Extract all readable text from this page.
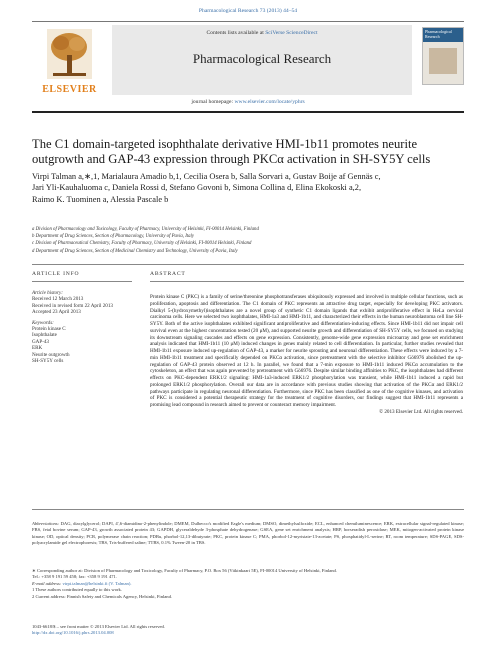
Pharmacological Research 73 (2013) 44–54
ELSEVIER
Contents lists available at SciVerse ScienceDirect
Pharmacological Research
Pharmacological Research
journal homepage: www.elsevier.com/locate/yphrs
The C1 domain-targeted isophthalate derivative HMI-1b11 promotes neurite
outgrowth and GAP-43 expression through PKCα activation in SH-SY5Y cells
Virpi Talman a,∗,1, Marialaura Amadio b,1, Cecilia Osera b, Salla Sorvari a, Gustav Boije af Gennäs c,
Jari Yli-Kauhaluoma c, Daniela Rossi d, Stefano Govoni b, Simona Collina d, Elina Ekokoski a,2,
Raimo K. Tuominen a, Alessia Pascale b
a Division of Pharmacology and Toxicology, Faculty of Pharmacy, University of Helsinki, FI-00014 Helsinki, Finland
b Department of Drug Sciences, Section of Pharmacology, University of Pavia, Italy
c Division of Pharmaceutical Chemistry, Faculty of Pharmacy, University of Helsinki, FI-00014 Helsinki, Finland
d Department of Drug Sciences, Section of Medicinal Chemistry and Technology, University of Pavia, Italy
ARTICLE INFO	ABSTRACT
Article history:
Received 12 March 2013
Received in revised form 22 April 2013
Accepted 23 April 2013
Keywords:
Protein kinase C
Isophthalate
GAP-43
ERK
Neurite outgrowth
SH-SY5Y cells

Protein kinase C (PKC) is a family of serine/threonine phosphotransferases ubiquitously expressed and involved in multiple cellular functions, such as proliferation, apoptosis and differentiation. The C1 domain of PKC represents an attractive drug target, especially for developing PKC activators. Dialkyl 5-(hydroxymethyl)isophthalates are a novel group of synthetic C1 domain ligands that exhibit antiproliferative effect in HeLa cervical carcinoma cells. Here we selected two isophthalates, HMI-1a3 and HMI-1b11, and characterized their effects in the human neuroblastoma cell line SH-SY5Y. Both of the active isophthalates exhibited significant antiproliferative and differentiation-inducing effects. Since HMI-1b11 did not impair cell survival even at the highest concentration tested (20 μM), and supported neurite growth and differentiation of SH-SY5Y cells, we focused on studying its downstream signaling cascades and effects on gene expression. Consistently, genome-wide gene expression microarray and gene set enrichment analysis indicated that HMI-1b11 (10 μM) induced changes in genes mainly related to cell differentiation. In particular, further studies revealed that HMI-1b11 exposure induced up-regulation of GAP-43, a marker for neurite sprouting and neuronal differentiation. These effects were induced by a 7-min HMI-1b11 treatment and specifically depended on PKCα activation, since pretreatment with the selective inhibitor Gö6976 abolished the up-regulation of GAP-43 protein observed at 12 h. In parallel, we found that a 7-min exposure to HMI-1b11 induced PKCα accumulation to the cytoskeleton, an effect that was again prevented by pretreatment with Gö6976. Despite similar binding affinities to PKC, the isophthalates had different effects on PKC-dependent ERK1/2 signaling: HMI-1a3-induced ERK1/2 phosphorylation was transient, while HMI-1b11 induced a rapid but prolonged ERK1/2 phosphorylation. Overall our data are in accordance with previous studies showing that activation of the PKCα and ERK1/2 pathways participate in regulating neuronal differentiation. Furthermore, since PKC has been classified as one of the cognitive kinases, and activation of PKC is considered a potential therapeutic strategy for the treatment of cognitive disorders, our findings suggest that HMI-1b11 represents a promising lead compound in research aimed to prevent or counteract memory impairment.

© 2013 Elsevier Ltd. All rights reserved.
Abbreviations: DAG, diacylglycerol; DAPI, 4′,6-diamidino-2-phenylindole; DMEM, Dulbecco's modified Eagle's medium; DMSO, dimethylsulfoxide; ECL, enhanced chemiluminescence; ERK, extracellular signal-regulated kinase; FBS, fetal bovine serum; GAP-43, growth associated protein 43; GAPDH, glyceraldehyde 3-phosphate dehydrogenase; GSEA, gene set enrichment analysis; HRP, horseradish peroxidase; MEK, mitogen-activated protein kinase kinase; OD, optical density; PCR, polymerase chain reaction; PDBu, phorbol-12,13-dibutyrate; PKC, protein kinase C; PMA, phorbol-12-myristate-13-acetate; PS, phosphatidyl-L-serine; RT, room temperature; SDS-PAGE, SDS-polyacrylamide gel electrophoresis; TBS, Tris-buffered saline; TTBS, 0.1% Tween-20 in TBS.
∗ Corresponding author at: Division of Pharmacology and Toxicology, Faculty of Pharmacy, P.O. Box 56 (Viikinkaari 5E), FI-00014 University of Helsinki, Finland.
Tel.: +358 9 191 59 458; fax: +358 9 191 471.
E-mail address: virpi.talman@helsinki.fi (V. Talman).
1 These authors contributed equally to this work.
2 Current address: Finnish Safety and Chemicals Agency, Helsinki, Finland.
1043-6618/$ – see front matter © 2013 Elsevier Ltd. All rights reserved.
http://dx.doi.org/10.1016/j.phrs.2013.04.008
